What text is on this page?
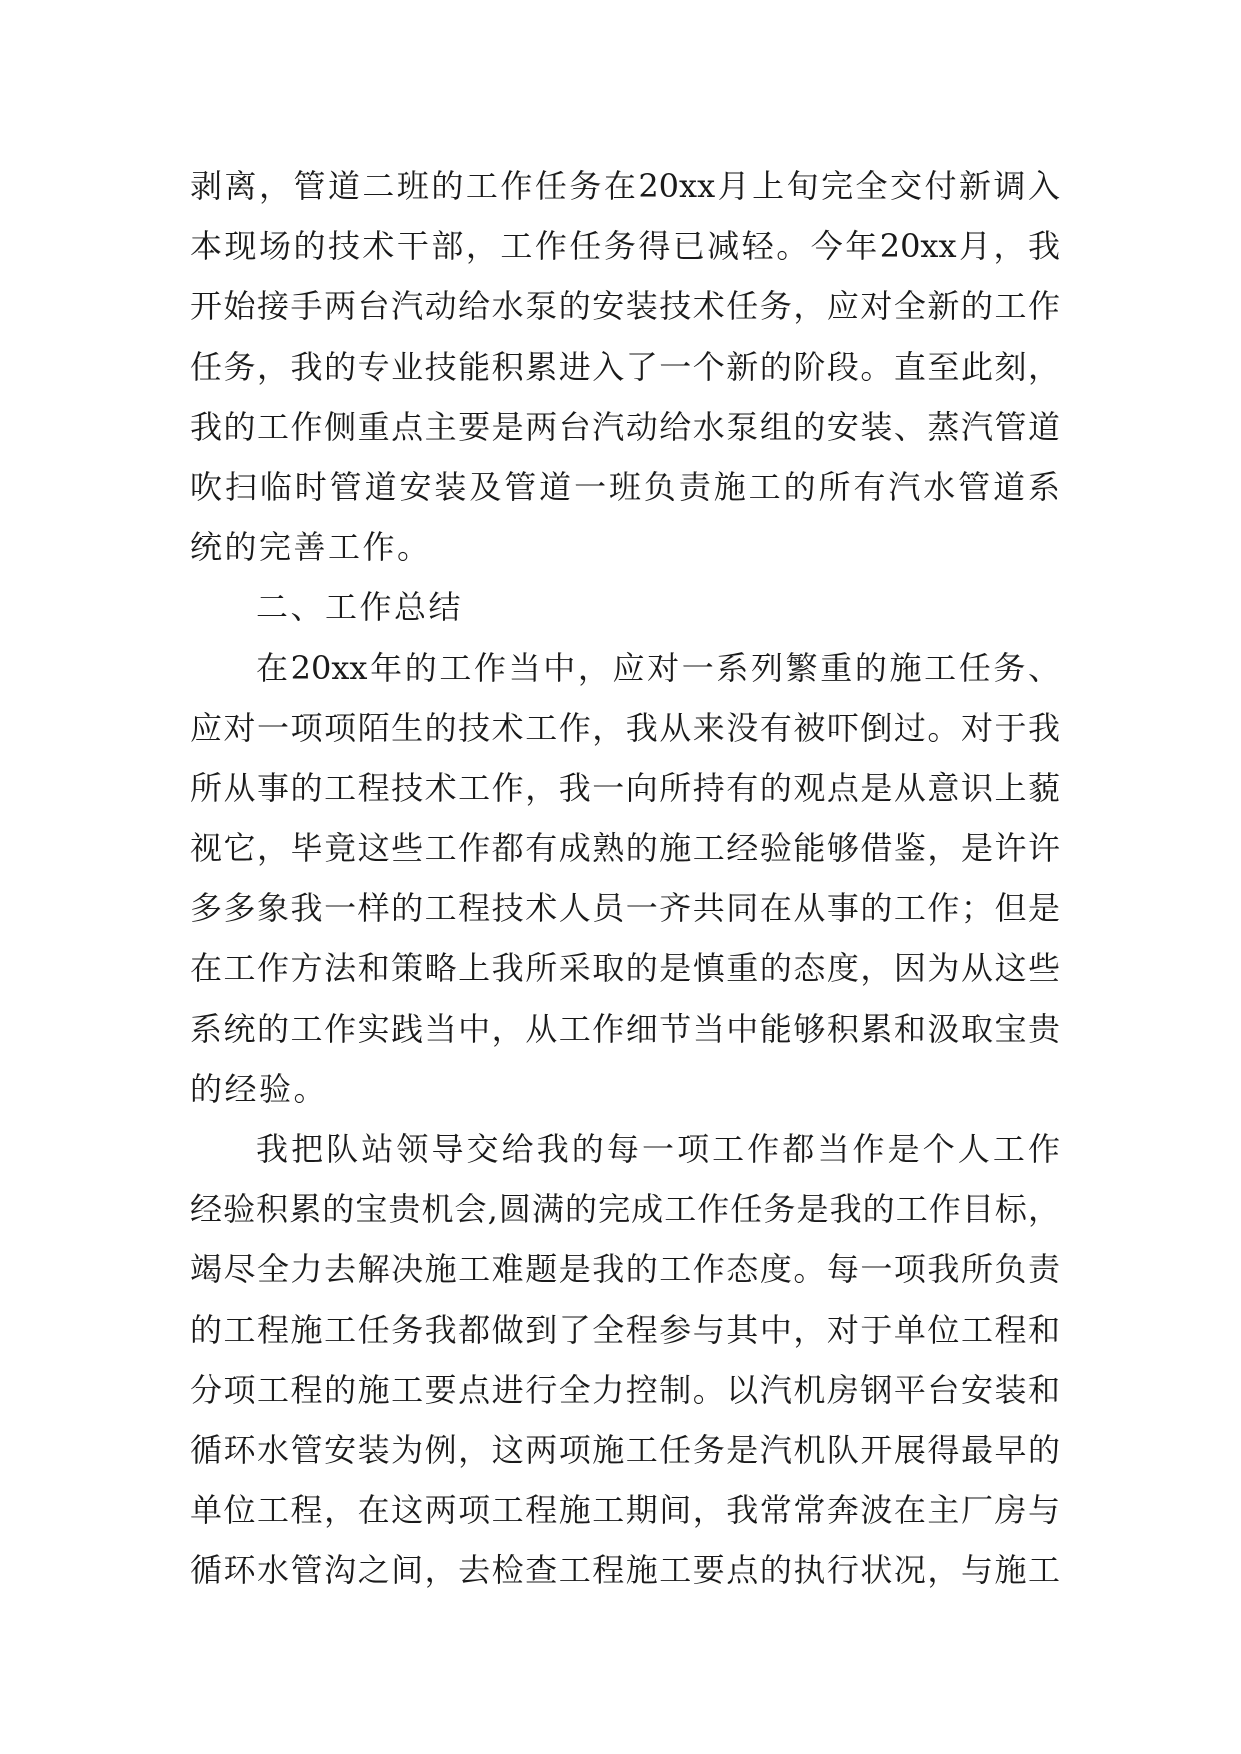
剥离，管道二班的工作任务在20xx月上旬完全交付新调入
本现场的技术干部，工作任务得已减轻。今年20xx月，我
开始接手两台汽动给水泵的安装技术任务，应对全新的工作
任务，我的专业技能积累进入了一个新的阶段。直至此刻，
我的工作侧重点主要是两台汽动给水泵组的安装、蒸汽管道
吹扫临时管道安装及管道一班负责施工的所有汽水管道系
统的完善工作。
二、工作总结
在20xx年的工作当中，应对一系列繁重的施工任务、
应对一项项陌生的技术工作，我从来没有被吓倒过。对于我
所从事的工程技术工作，我一向所持有的观点是从意识上藐
视它，毕竟这些工作都有成熟的施工经验能够借鉴，是许许
多多象我一样的工程技术人员一齐共同在从事的工作；但是
在工作方法和策略上我所采取的是慎重的态度，因为从这些
系统的工作实践当中，从工作细节当中能够积累和汲取宝贵
的经验。
我把队站领导交给我的每一项工作都当作是个人工作
经验积累的宝贵机会,圆满的完成工作任务是我的工作目标，
竭尽全力去解决施工难题是我的工作态度。每一项我所负责
的工程施工任务我都做到了全程参与其中，对于单位工程和
分项工程的施工要点进行全力控制。以汽机房钢平台安装和
循环水管安装为例，这两项施工任务是汽机队开展得最早的
单位工程，在这两项工程施工期间，我常常奔波在主厂房与
循环水管沟之间，去检查工程施工要点的执行状况，与施工
